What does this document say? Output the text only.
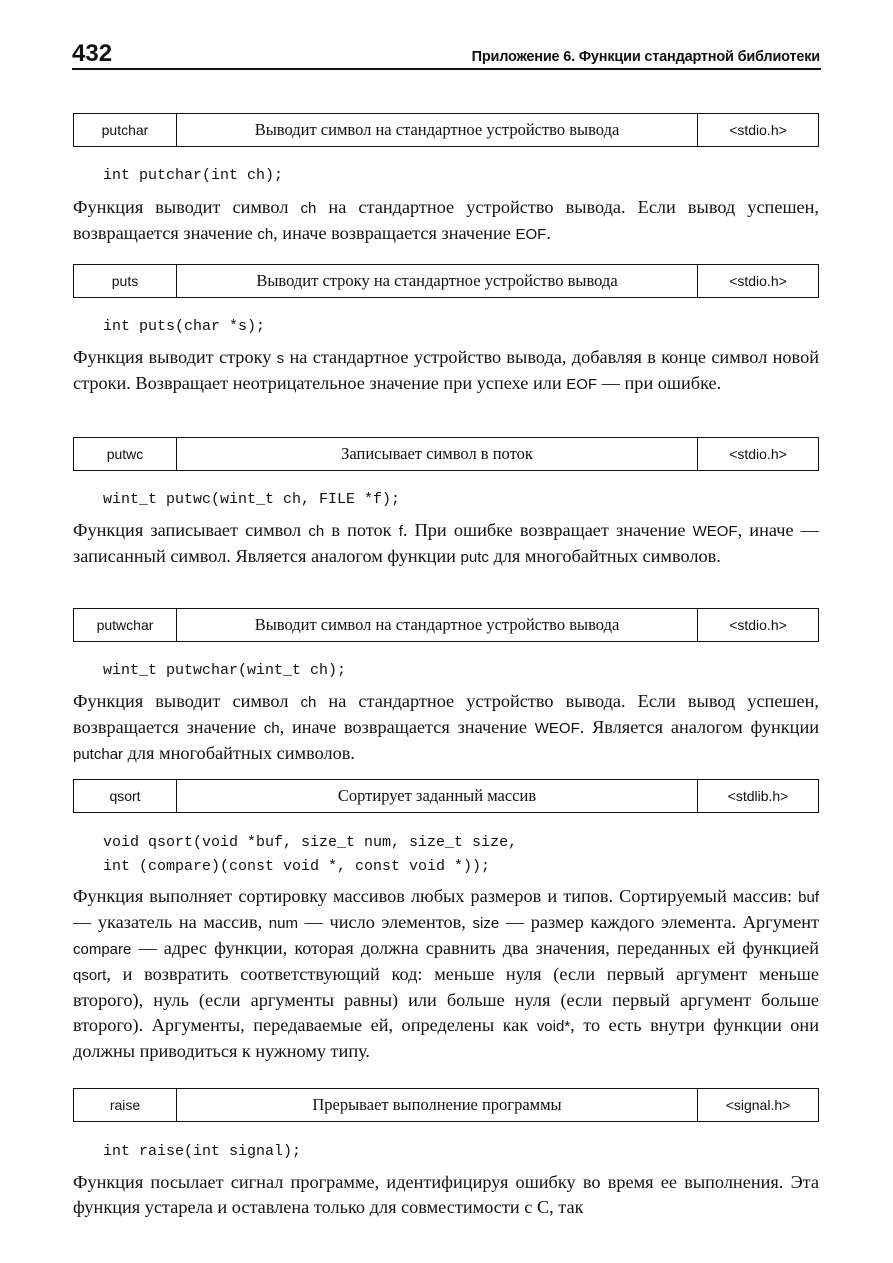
432	Приложение 6. Функции стандартной библиотеки
putchar	Выводит символ на стандартное устройство вывода	<stdio.h>
int putchar(int ch);

Функция выводит символ ch на стандартное устройство вывода. Если вывод успешен, возвращается значение ch, иначе возвращается значение EOF.

puts	Выводит строку на стандартное устройство вывода	<stdio.h>
int puts(char *s);

Функция выводит строку s на стандартное устройство вывода, добавляя в конце символ новой строки. Возвращает неотрицательное значение при успехе или EOF — при ошибке.

putwc	Записывает символ в поток	<stdio.h>
wint_t putwc(wint_t ch, FILE *f);

Функция записывает символ ch в поток f. При ошибке возвращает значение WEOF, иначе — записанный символ. Является аналогом функции putc для многобайтных символов.

putwchar	Выводит символ на стандартное устройство вывода	<stdio.h>
wint_t putwchar(wint_t ch);

Функция выводит символ ch на стандартное устройство вывода. Если вывод успешен, возвращается значение ch, иначе возвращается значение WEOF. Является аналогом функции putchar для многобайтных символов.

qsort	Сортирует заданный массив	<stdlib.h>
void qsort(void *buf, size_t num, size_t size,
int (compare)(const void *, const void *));

Функция выполняет сортировку массивов любых размеров и типов. Сортируемый массив: buf — указатель на массив, num — число элементов, size — размер каждого элемента. Аргумент compare — адрес функции, которая должна сравнить два значения, переданных ей функцией qsort, и возвратить соответствующий код: меньше нуля (если первый аргумент меньше второго), нуль (если аргументы равны) или больше нуля (если первый аргумент больше второго). Аргументы, передаваемые ей, определены как void*, то есть внутри функции они должны приводиться к нужному типу.

raise	Прерывает выполнение программы	<signal.h>
int raise(int signal);

Функция посылает сигнал программе, идентифицируя ошибку во время ее выполнения. Эта функция устарела и оставлена только для совместимости с С, так
